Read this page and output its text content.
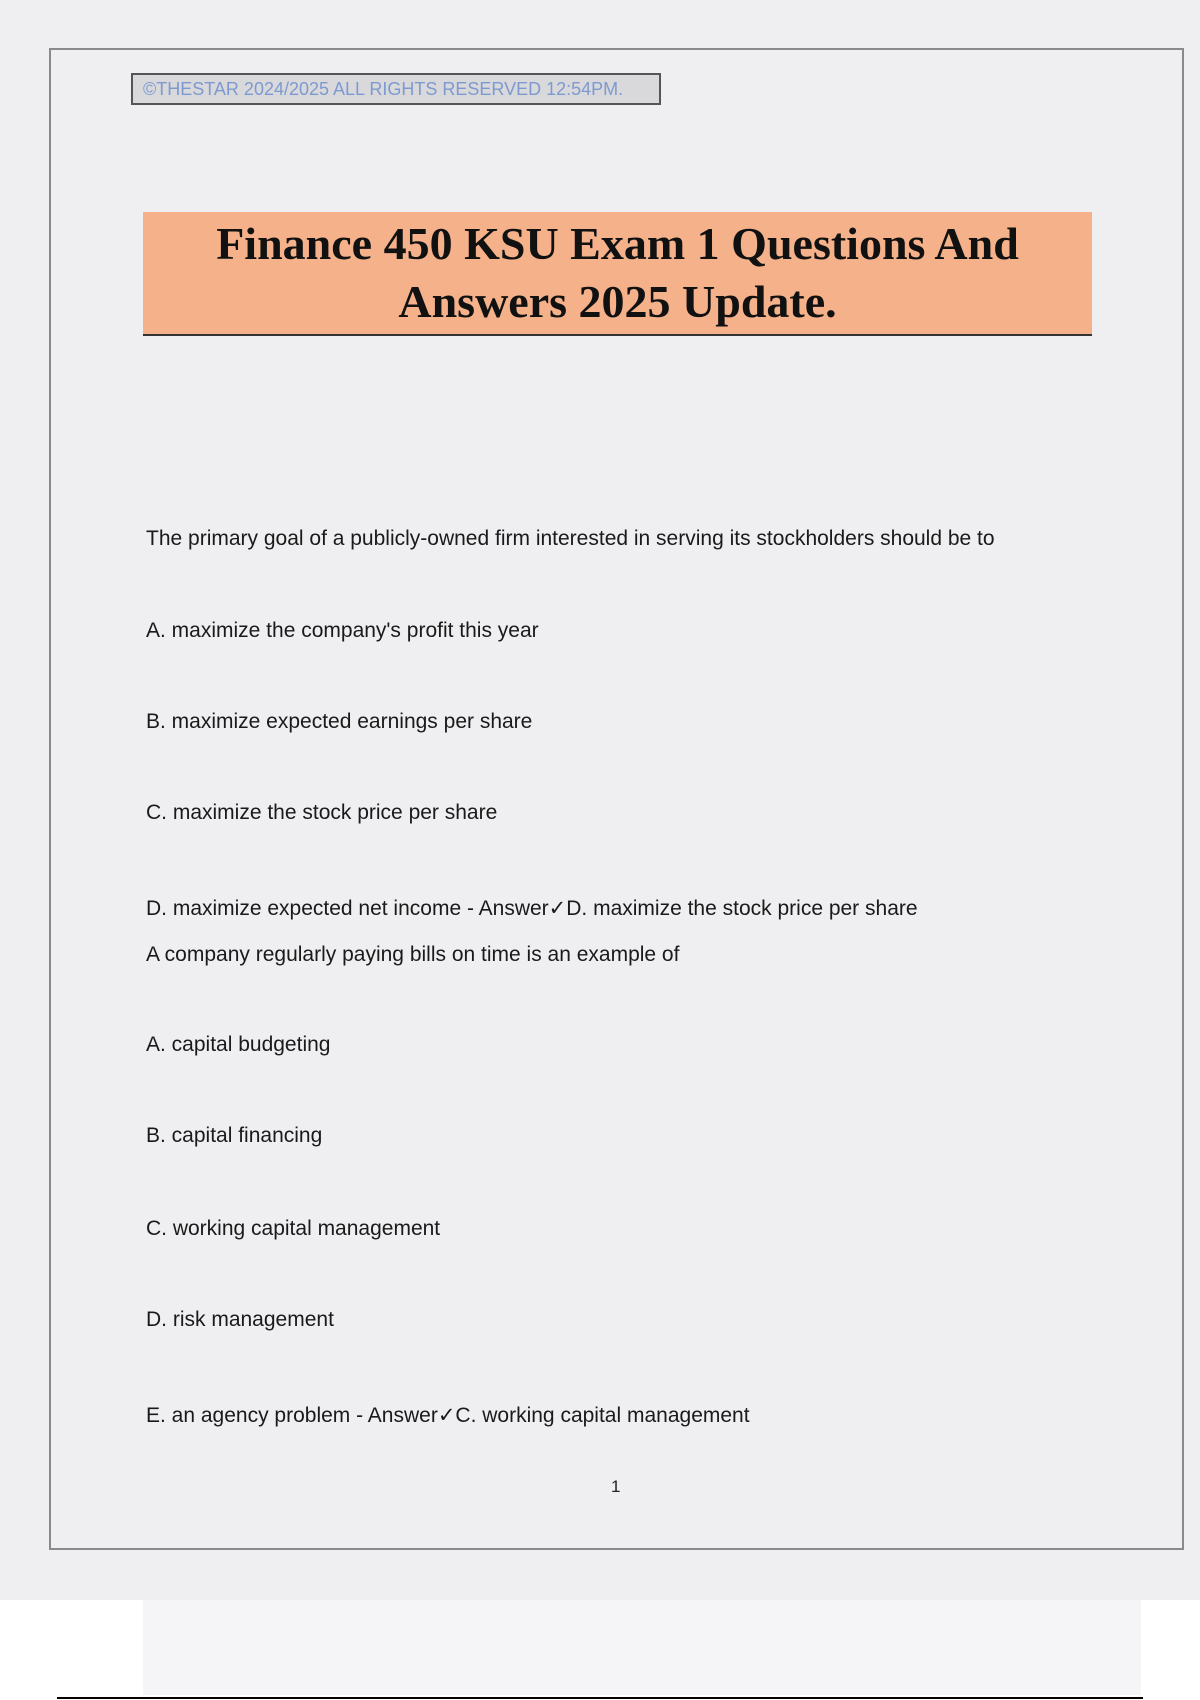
©THESTAR 2024/2025 ALL RIGHTS RESERVED 12:54PM.
Finance 450 KSU Exam 1 Questions And
Answers 2025 Update.
The primary goal of a publicly-owned firm interested in serving its stockholders should be to
A. maximize the company's profit this year
B. maximize expected earnings per share
C. maximize the stock price per share
D. maximize expected net income - Answer✓D. maximize the stock price per share
A company regularly paying bills on time is an example of
A. capital budgeting
B. capital financing
C. working capital management
D. risk management
E. an agency problem - Answer✓C. working capital management
1
